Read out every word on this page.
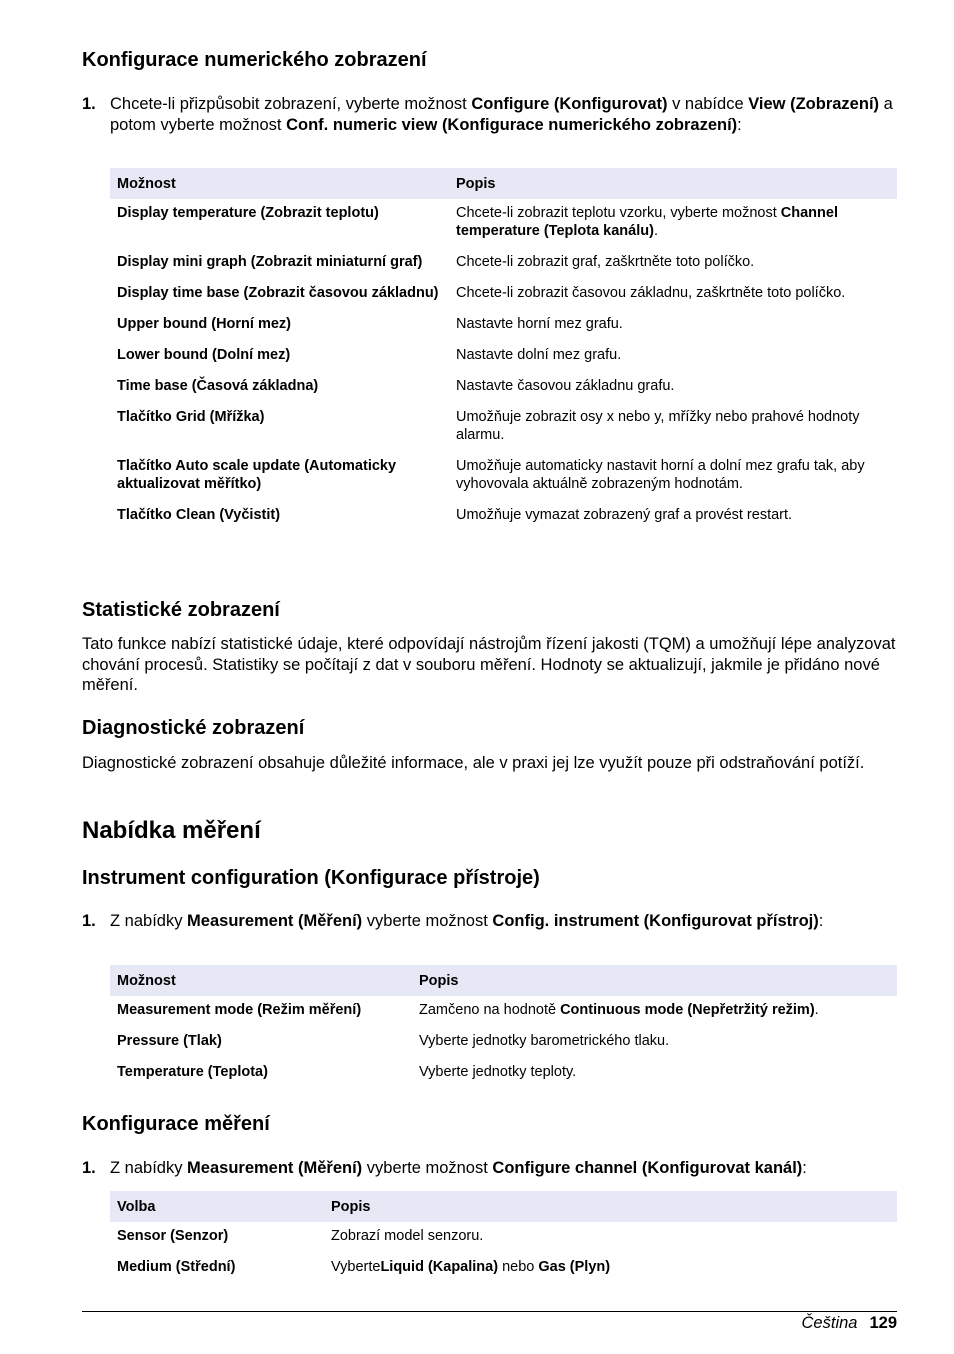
Konfigurace numerického zobrazení
1. Chcete-li přizpůsobit zobrazení, vyberte možnost Configure (Konfigurovat) v nabídce View (Zobrazení) a potom vyberte možnost Conf. numeric view (Konfigurace numerického zobrazení):
Možnost	Popis
Display temperature (Zobrazit teplotu)	Chcete-li zobrazit teplotu vzorku, vyberte možnost Channel temperature (Teplota kanálu).
Display mini graph (Zobrazit miniaturní graf)	Chcete-li zobrazit graf, zaškrtněte toto políčko.
Display time base (Zobrazit časovou základnu)	Chcete-li zobrazit časovou základnu, zaškrtněte toto políčko.
Upper bound (Horní mez)	Nastavte horní mez grafu.
Lower bound (Dolní mez)	Nastavte dolní mez grafu.
Time base (Časová základna)	Nastavte časovou základnu grafu.
Tlačítko Grid (Mřížka)	Umožňuje zobrazit osy x nebo y, mřížky nebo prahové hodnoty alarmu.
Tlačítko Auto scale update (Automaticky aktualizovat měřítko)	Umožňuje automaticky nastavit horní a dolní mez grafu tak, aby vyhovovala aktuálně zobrazeným hodnotám.
Tlačítko Clean (Vyčistit)	Umožňuje vymazat zobrazený graf a provést restart.
Statistické zobrazení

Tato funkce nabízí statistické údaje, které odpovídají nástrojům řízení jakosti (TQM) a umožňují lépe analyzovat chování procesů. Statistiky se počítají z dat v souboru měření. Hodnoty se aktualizují, jakmile je přidáno nové měření.

Diagnostické zobrazení

Diagnostické zobrazení obsahuje důležité informace, ale v praxi jej lze využít pouze při odstraňování potíží.

Nabídka měření
Instrument configuration (Konfigurace přístroje)
1. Z nabídky Measurement (Měření) vyberte možnost Config. instrument (Konfigurovat přístroj):
Možnost	Popis
Measurement mode (Režim měření)	Zamčeno na hodnotě Continuous mode (Nepřetržitý režim).
Pressure (Tlak)	Vyberte jednotky barometrického tlaku.
Temperature (Teplota)	Vyberte jednotky teploty.
Konfigurace měření
1. Z nabídky Measurement (Měření) vyberte možnost Configure channel (Konfigurovat kanál):
Volba	Popis
Sensor (Senzor)	Zobrazí model senzoru.
Medium (Střední)	VyberteLiquid (Kapalina) nebo Gas (Plyn)
Čeština 129
